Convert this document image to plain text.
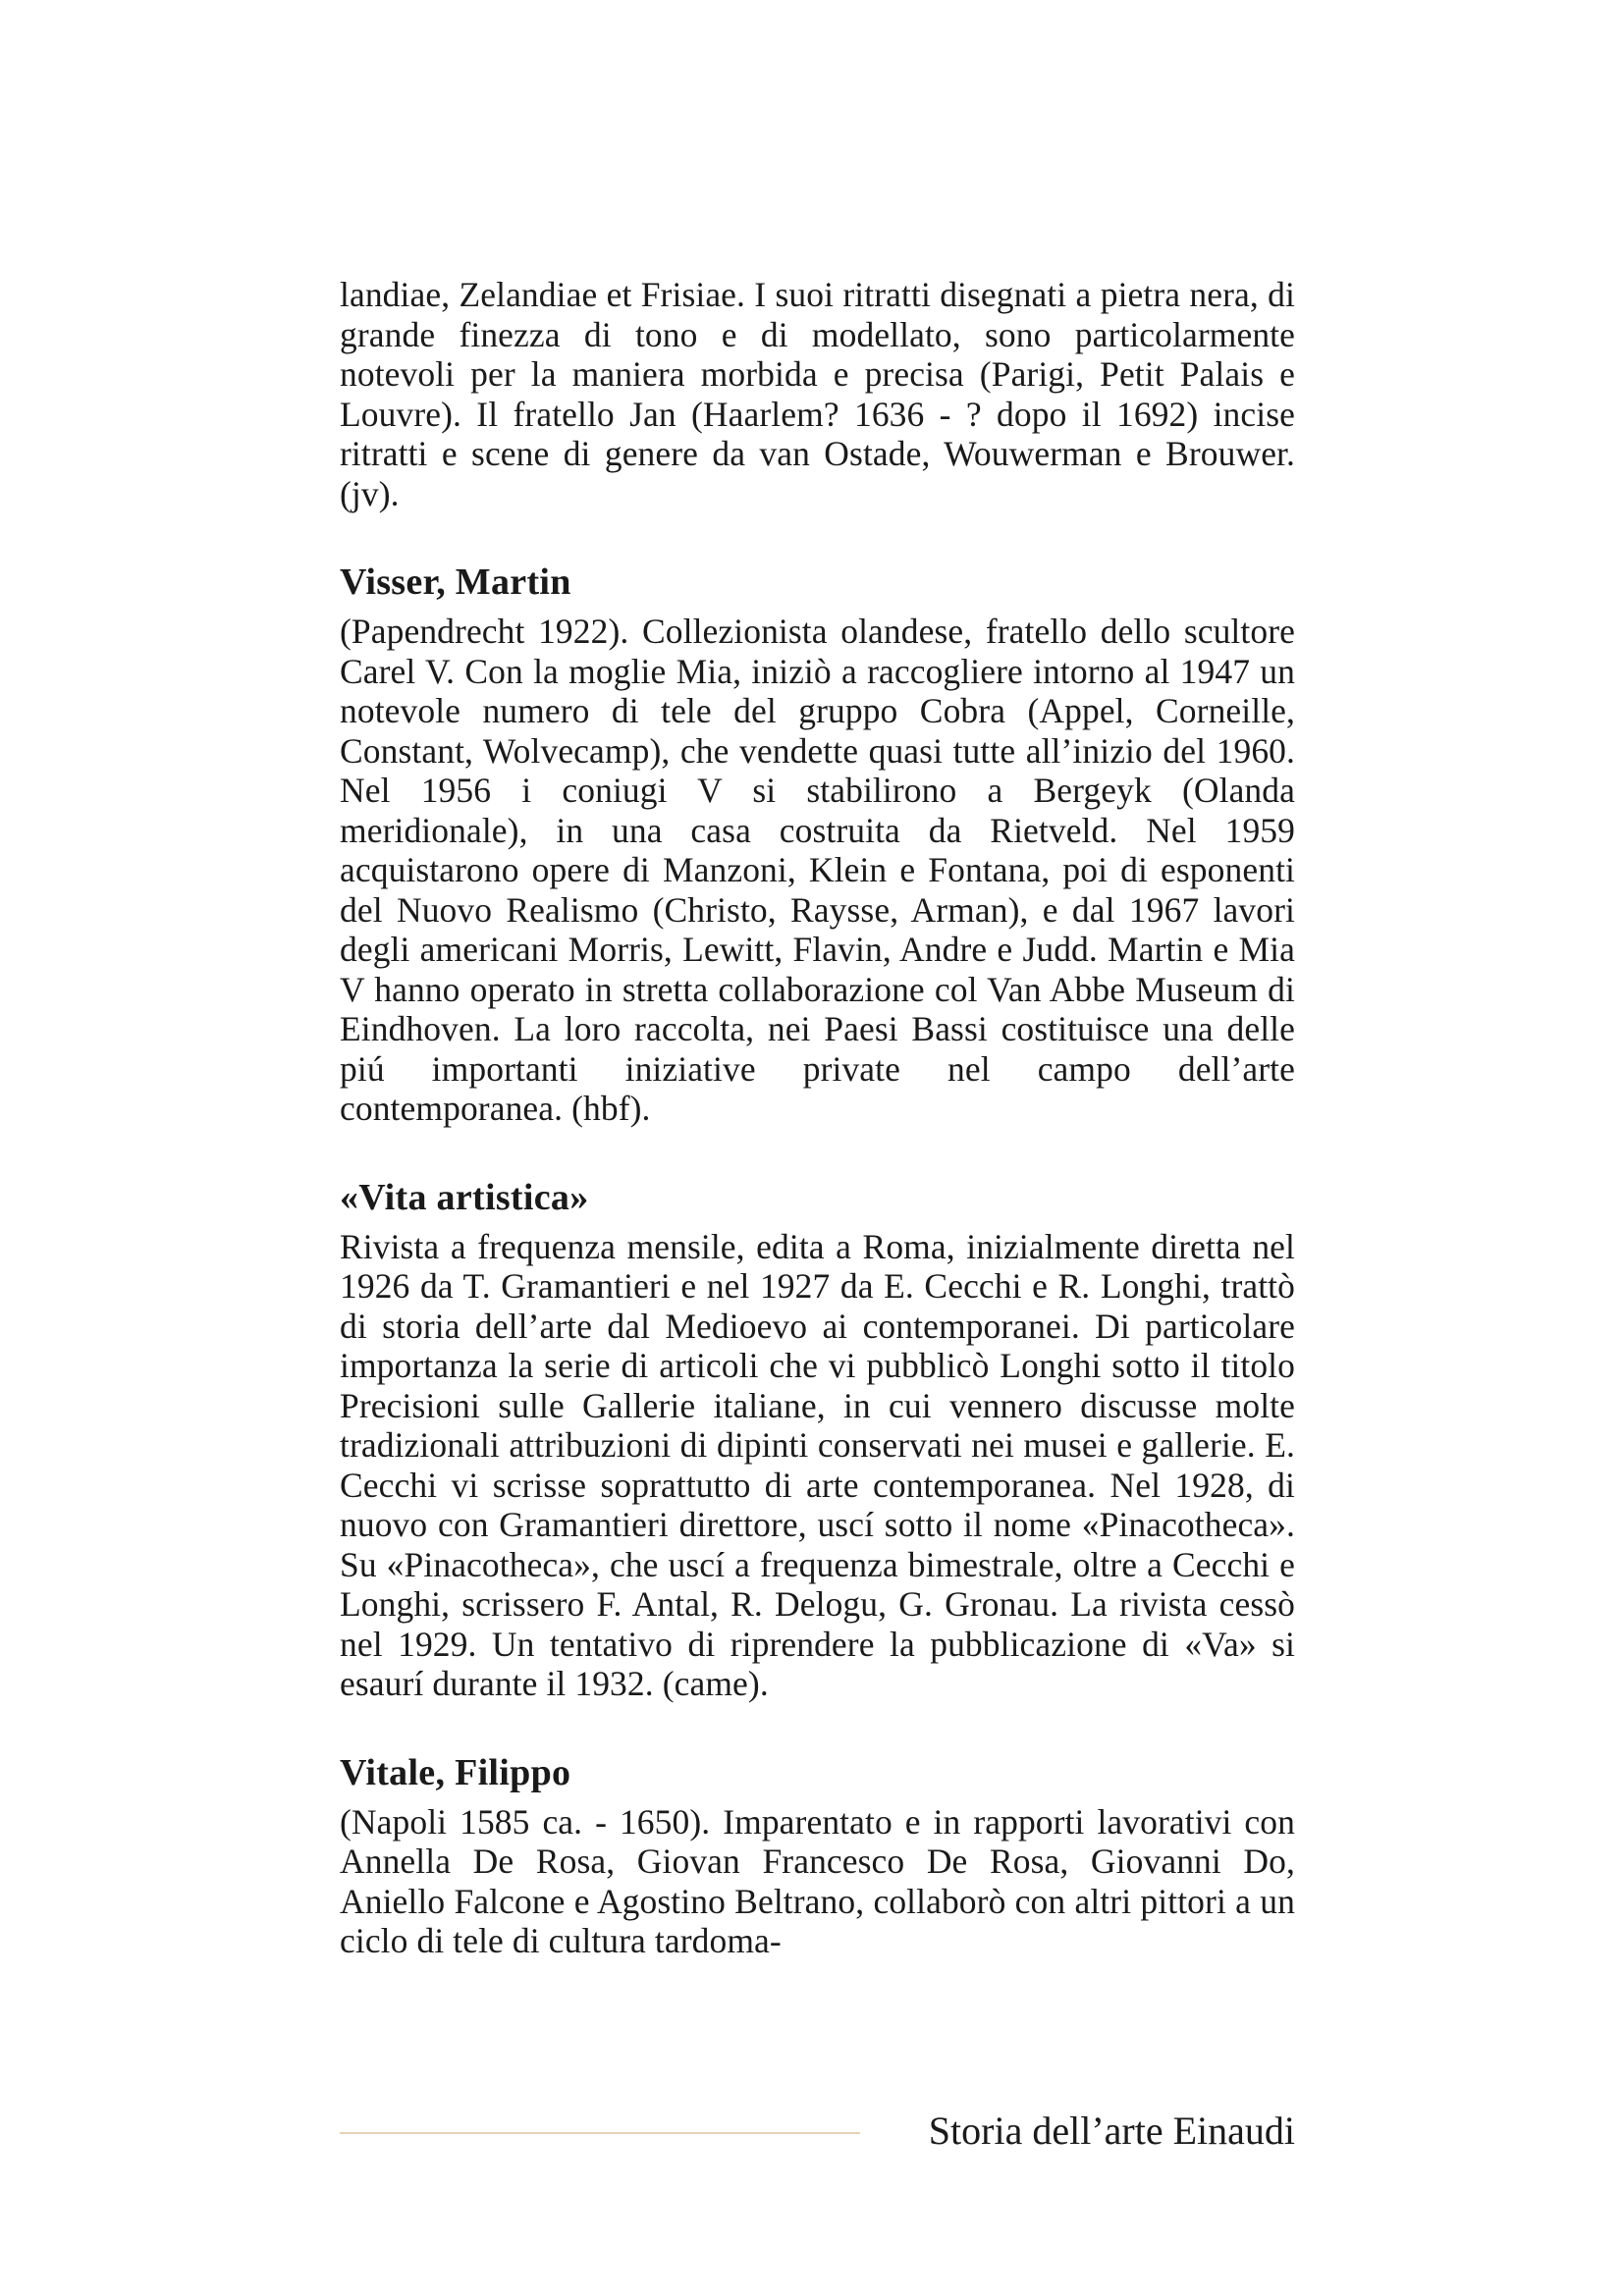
landiae, Zelandiae et Frisiae. I suoi ritratti disegnati a pietra nera, di grande finezza di tono e di modellato, sono particolarmente notevoli per la maniera morbida e precisa (Parigi, Petit Palais e Louvre). Il fratello Jan (Haarlem? 1636 - ? dopo il 1692) incise ritratti e scene di genere da van Ostade, Wouwerman e Brouwer. (jv).

Visser, Martin

(Papendrecht 1922). Collezionista olandese, fratello dello scultore Carel V. Con la moglie Mia, iniziò a raccogliere intorno al 1947 un notevole numero di tele del gruppo Cobra (Appel, Corneille, Constant, Wolvecamp), che vendette quasi tutte all’inizio del 1960. Nel 1956 i coniugi V si stabilirono a Bergeyk (Olanda meridionale), in una casa costruita da Rietveld. Nel 1959 acquistarono opere di Manzoni, Klein e Fontana, poi di esponenti del Nuovo Realismo (Christo, Raysse, Arman), e dal 1967 lavori degli americani Morris, Lewitt, Flavin, Andre e Judd. Martin e Mia V hanno operato in stretta collaborazione col Van Abbe Museum di Eindhoven. La loro raccolta, nei Paesi Bassi costituisce una delle piú importanti iniziative private nel campo dell’arte contemporanea. (hbf).

«Vita artistica»

Rivista a frequenza mensile, edita a Roma, inizialmente diretta nel 1926 da T. Gramantieri e nel 1927 da E. Cecchi e R. Longhi, trattò di storia dell’arte dal Medioevo ai contemporanei. Di particolare importanza la serie di articoli che vi pubblicò Longhi sotto il titolo Precisioni sulle Gallerie italiane, in cui vennero discusse molte tradizionali attribuzioni di dipinti conservati nei musei e gallerie. E. Cecchi vi scrisse soprattutto di arte contemporanea. Nel 1928, di nuovo con Gramantieri direttore, uscí sotto il nome «Pinacotheca». Su «Pinacotheca», che uscí a frequenza bimestrale, oltre a Cecchi e Longhi, scrissero F. Antal, R. Delogu, G. Gronau. La rivista cessò nel 1929. Un tentativo di riprendere la pubblicazione di «Va» si esaurí durante il 1932. (came).

Vitale, Filippo

(Napoli 1585 ca. - 1650). Imparentato e in rapporti lavorativi con Annella De Rosa, Giovan Francesco De Rosa, Giovanni Do, Aniello Falcone e Agostino Beltrano, collaborò con altri pittori a un ciclo di tele di cultura tardoma-

Storia dell’arte Einaudi
